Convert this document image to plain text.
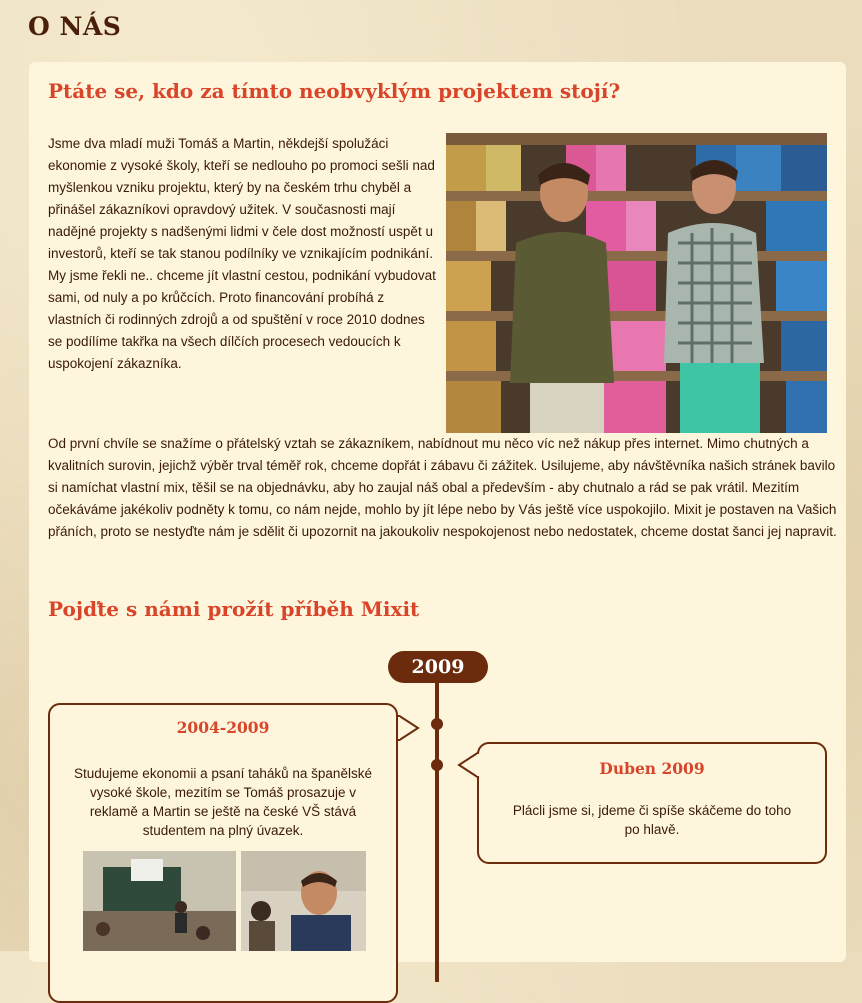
O NÁS
Ptáte se, kdo za tímto neobvyklým projektem stojí?

Jsme dva mladí muži Tomáš a Martin, někdejší spolužáci ekonomie z vysoké školy, kteří se nedlouho po promoci sešli nad myšlenkou vzniku projektu, který by na českém trhu chyběl a přinášel zákazníkovi opravdový užitek. V současnosti mají nadějné projekty s nadšenými lidmi v čele dost možností uspět u investorů, kteří se tak stanou podílníky ve vznikajícím podnikání. My jsme řekli ne.. chceme jít vlastní cestou, podnikání vybudovat sami, od nuly a po krůčcích. Proto financování probíhá z vlastních či rodinných zdrojů a od spuštění v roce 2010 dodnes se podílíme takřka na všech dílčích procesech vedoucích k uspokojení zákazníka.

Od první chvíle se snažíme o přátelský vztah se zákazníkem, nabídnout mu něco víc než nákup přes internet. Mimo chutných a kvalitních surovin, jejichž výběr trval téměř rok, chceme dopřát i zábavu či zážitek. Usilujeme, aby návštěvníka našich stránek bavilo si namíchat vlastní mix, těšil se na objednávku, aby ho zaujal náš obal a především - aby chutnalo a rád se pak vrátil. Mezitím očekáváme jakékoliv podněty k tomu, co nám nejde, mohlo by jít lépe nebo by Vás ještě více uspokojilo. Mixit je postaven na Vašich přáních, proto se nestyďte nám je sdělit či upozornit na jakoukoliv nespokojenost nebo nedostatek, chceme dostat šanci jej napravit.

Pojďte s námi prožít příběh Mixit
2009
2004-2009

Studujeme ekonomii a psaní taháků na španělské vysoké škole, mezitím se Tomáš prosazuje v reklamě a Martin se ještě na české VŠ stává studentem na plný úvazek.

Duben 2009

Plácli jsme si, jdeme či spíše skáčeme do toho po hlavě.
